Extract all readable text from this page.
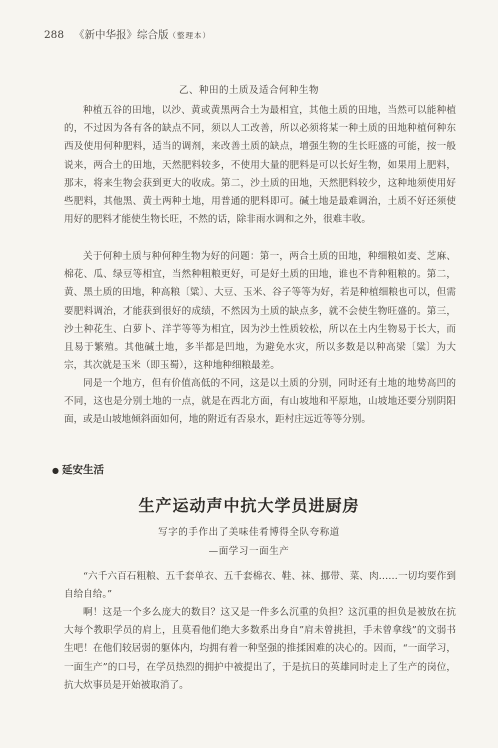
288 《新中华报》综合版（整理本）
乙、种田的土质及适合何种生物

种植五谷的田地，以沙、黄或黄黑两合土为最相宜，其他土质的田地，当然可以能种植的，不过因为各有各的缺点不同，须以人工改善，所以必须将某一种土质的田地种植何种东西及使用何种肥料，适当的调剂，来改善土质的缺点，增强生物的生长旺盛的可能，按一般说来，两合土的田地，天然肥料较多，不使用大量的肥料是可以长好生物，如果用上肥料，那末，将来生物会获到更大的收成。第二，沙土质的田地，天然肥料较少，这种地须使用好些肥料，其他黑、黄土两种土地，用普通的肥料即可。碱土地是最难调治，土质不好还须使用好的肥料才能使生物长旺，不然的话，除非雨水调和之外，很难丰收。

关于何种土质与种何种生物为好的问题：第一，两合土质的田地，种细粮如麦、芝麻、棉花、瓜、绿豆等相宜，当然种粗粮更好，可是好土质的田地，谁也不肯种粗粮的。第二，黄、黑土质的田地，种高粮〔粱〕、大豆、玉米、谷子等等为好，若是种植细粮也可以，但需要肥料调治，才能获到很好的成绩，不然因为土质的缺点多，就不会使生物旺盛的。第三，沙土种花生、白萝卜、洋芋等等为相宜，因为沙土性质较松，所以在土内生物易于长大，而且易于繁殖。其他碱土地，多半都是凹地，为避免水灾，所以多数是以种高梁〔粱〕为大宗，其次就是玉米（即玉蜀），这种地种细粮最差。

同是一个地方，但有价值高低的不同，这是以土质的分别，同时还有土地的地势高凹的不同，这也是分别土地的一点，就是在西北方面，有山坡地和平原地，山坡地还要分别阴阳面，或是山坡地倾斜面如何，地的附近有否泉水，距村庄远近等等分别。

● 延安生活
生产运动声中抗大学员进厨房
写字的手作出了美味佳肴博得全队夸称道
—面学习一面生产

“六千六百石粗粮、五千套单衣、五千套棉衣、鞋、袜、挪带、菜、肉……一切均要作到自给自给。”

啊！这是一个多么庞大的数目？这又是一件多么沉重的负担？这沉重的担负是被放在抗大每个教职学员的肩上，且莫看他们绝大多数系出身自”肩未曾挑担，手未曾拿线”的文弱书生吧！在他们较居弱的躯体内，均拥有着一种坚强的推揉困难的决心的。因而，“一面学习，一面生产”的口号，在学员热烈的拥护中被提出了，于是抗日的英雄同时走上了生产的岗位，抗大炊事员是开始被取消了。
